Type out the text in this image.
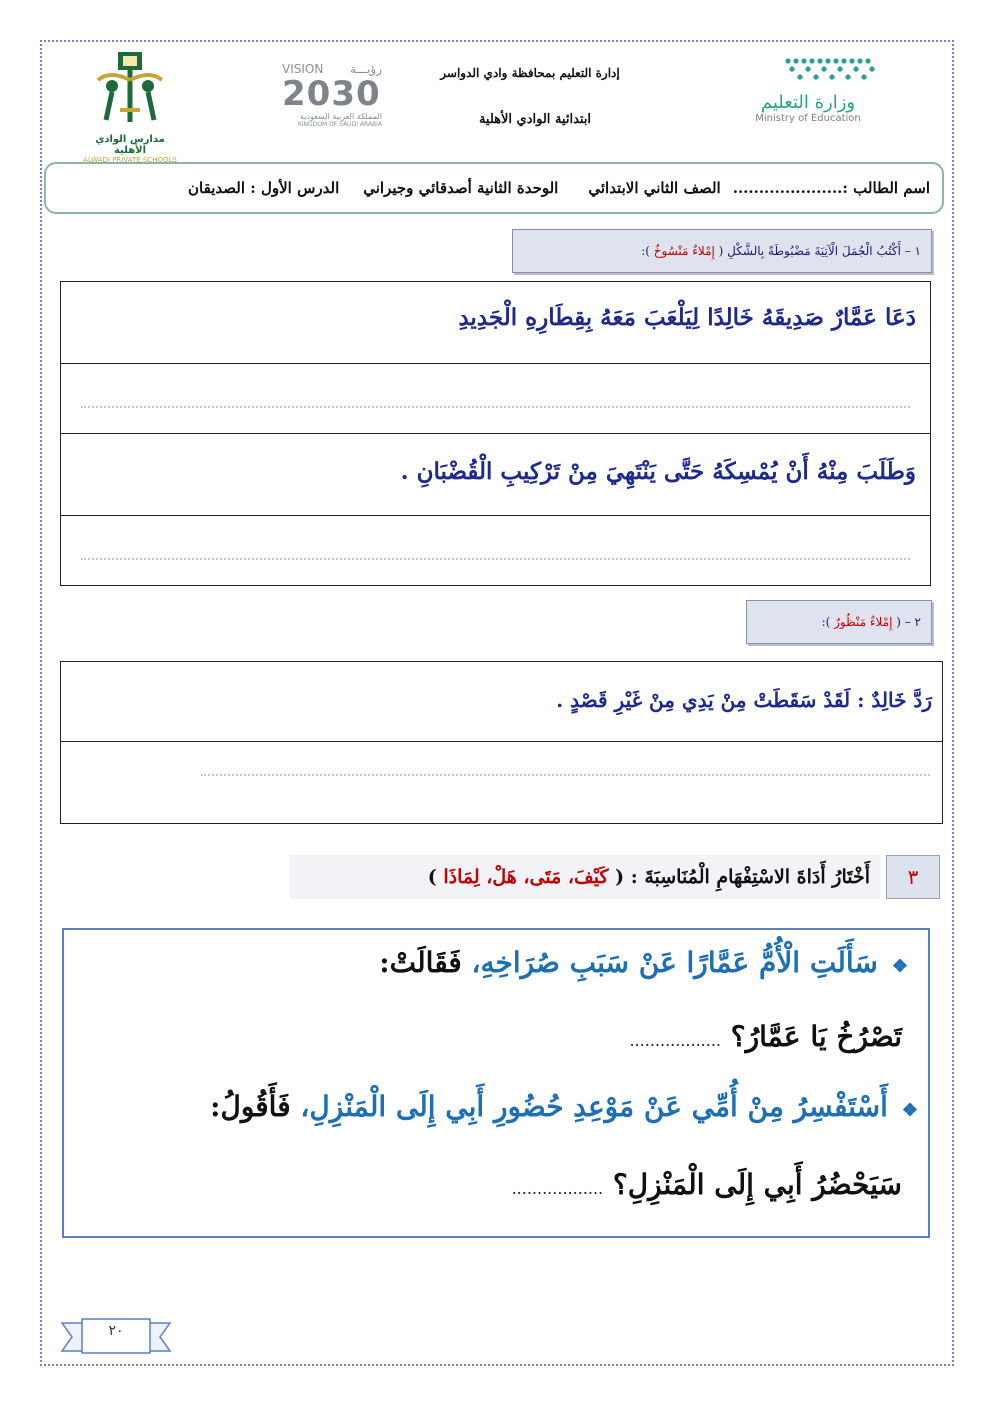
مدارس الوادي الأهلية
ALWADI PRIVATE SCHOOLS
VISION رؤيـــة
2030
المملكة العربية السعودية
KINGDOM OF SAUDI ARABIA
إدارة التعليم بمحافظة وادي الدواسر
ابتدائية الوادي الأهلية
وزارة التعليم
Ministry of Education
اسم الطالب :.....................
الصف الثاني الابتدائي
الوحدة الثانية أصدقائي وجيراني
الدرس الأول : الصديقان
١ – أَكْتُبُ الْجُمَلَ الْآتِيَةَ مَضْبُوطَةً بِالشَّكْلِ (

إِمْلاءٌ مَنْسُوخٌ

):
دَعَا عَمَّارٌ صَدِيقَهُ خَالِدًا لِيَلْعَبَ مَعَهُ بِقِطَارِهِ الْجَدِيدِ
وَطَلَبَ مِنْهُ أَنْ يُمْسِكَهُ حَتَّى يَنْتَهِيَ مِنْ تَرْكِيبِ الْقُضْبَانِ .
٢ – (

إِمْلاءٌ مَنْظُورٌ

):
رَدَّ خَالِدٌ : لَقَدْ سَقَطَتْ مِنْ يَدِي مِنْ غَيْرِ قَصْدٍ .
٣
أَخْتَارُ أَدَاةَ الاسْتِفْهَامِ الْمُنَاسِبَةَ : (

كَيْفَ، مَتَى، هَلْ، لِمَاذَا

)
❖سَأَلَتِ الْأُمُّ عَمَّارًا عَنْ سَبَبِ صُرَاخِهِ، فَقَالَتْ:
تَصْرُخُ يَا عَمَّارُ؟ ..................
❖أَسْتَفْسِرُ مِنْ أُمِّي عَنْ مَوْعِدِ حُضُورِ أَبِي إِلَى الْمَنْزِلِ، فَأَقُولُ:
سَيَحْضُرُ أَبِي إِلَى الْمَنْزِلِ؟ ..................
٢٠
